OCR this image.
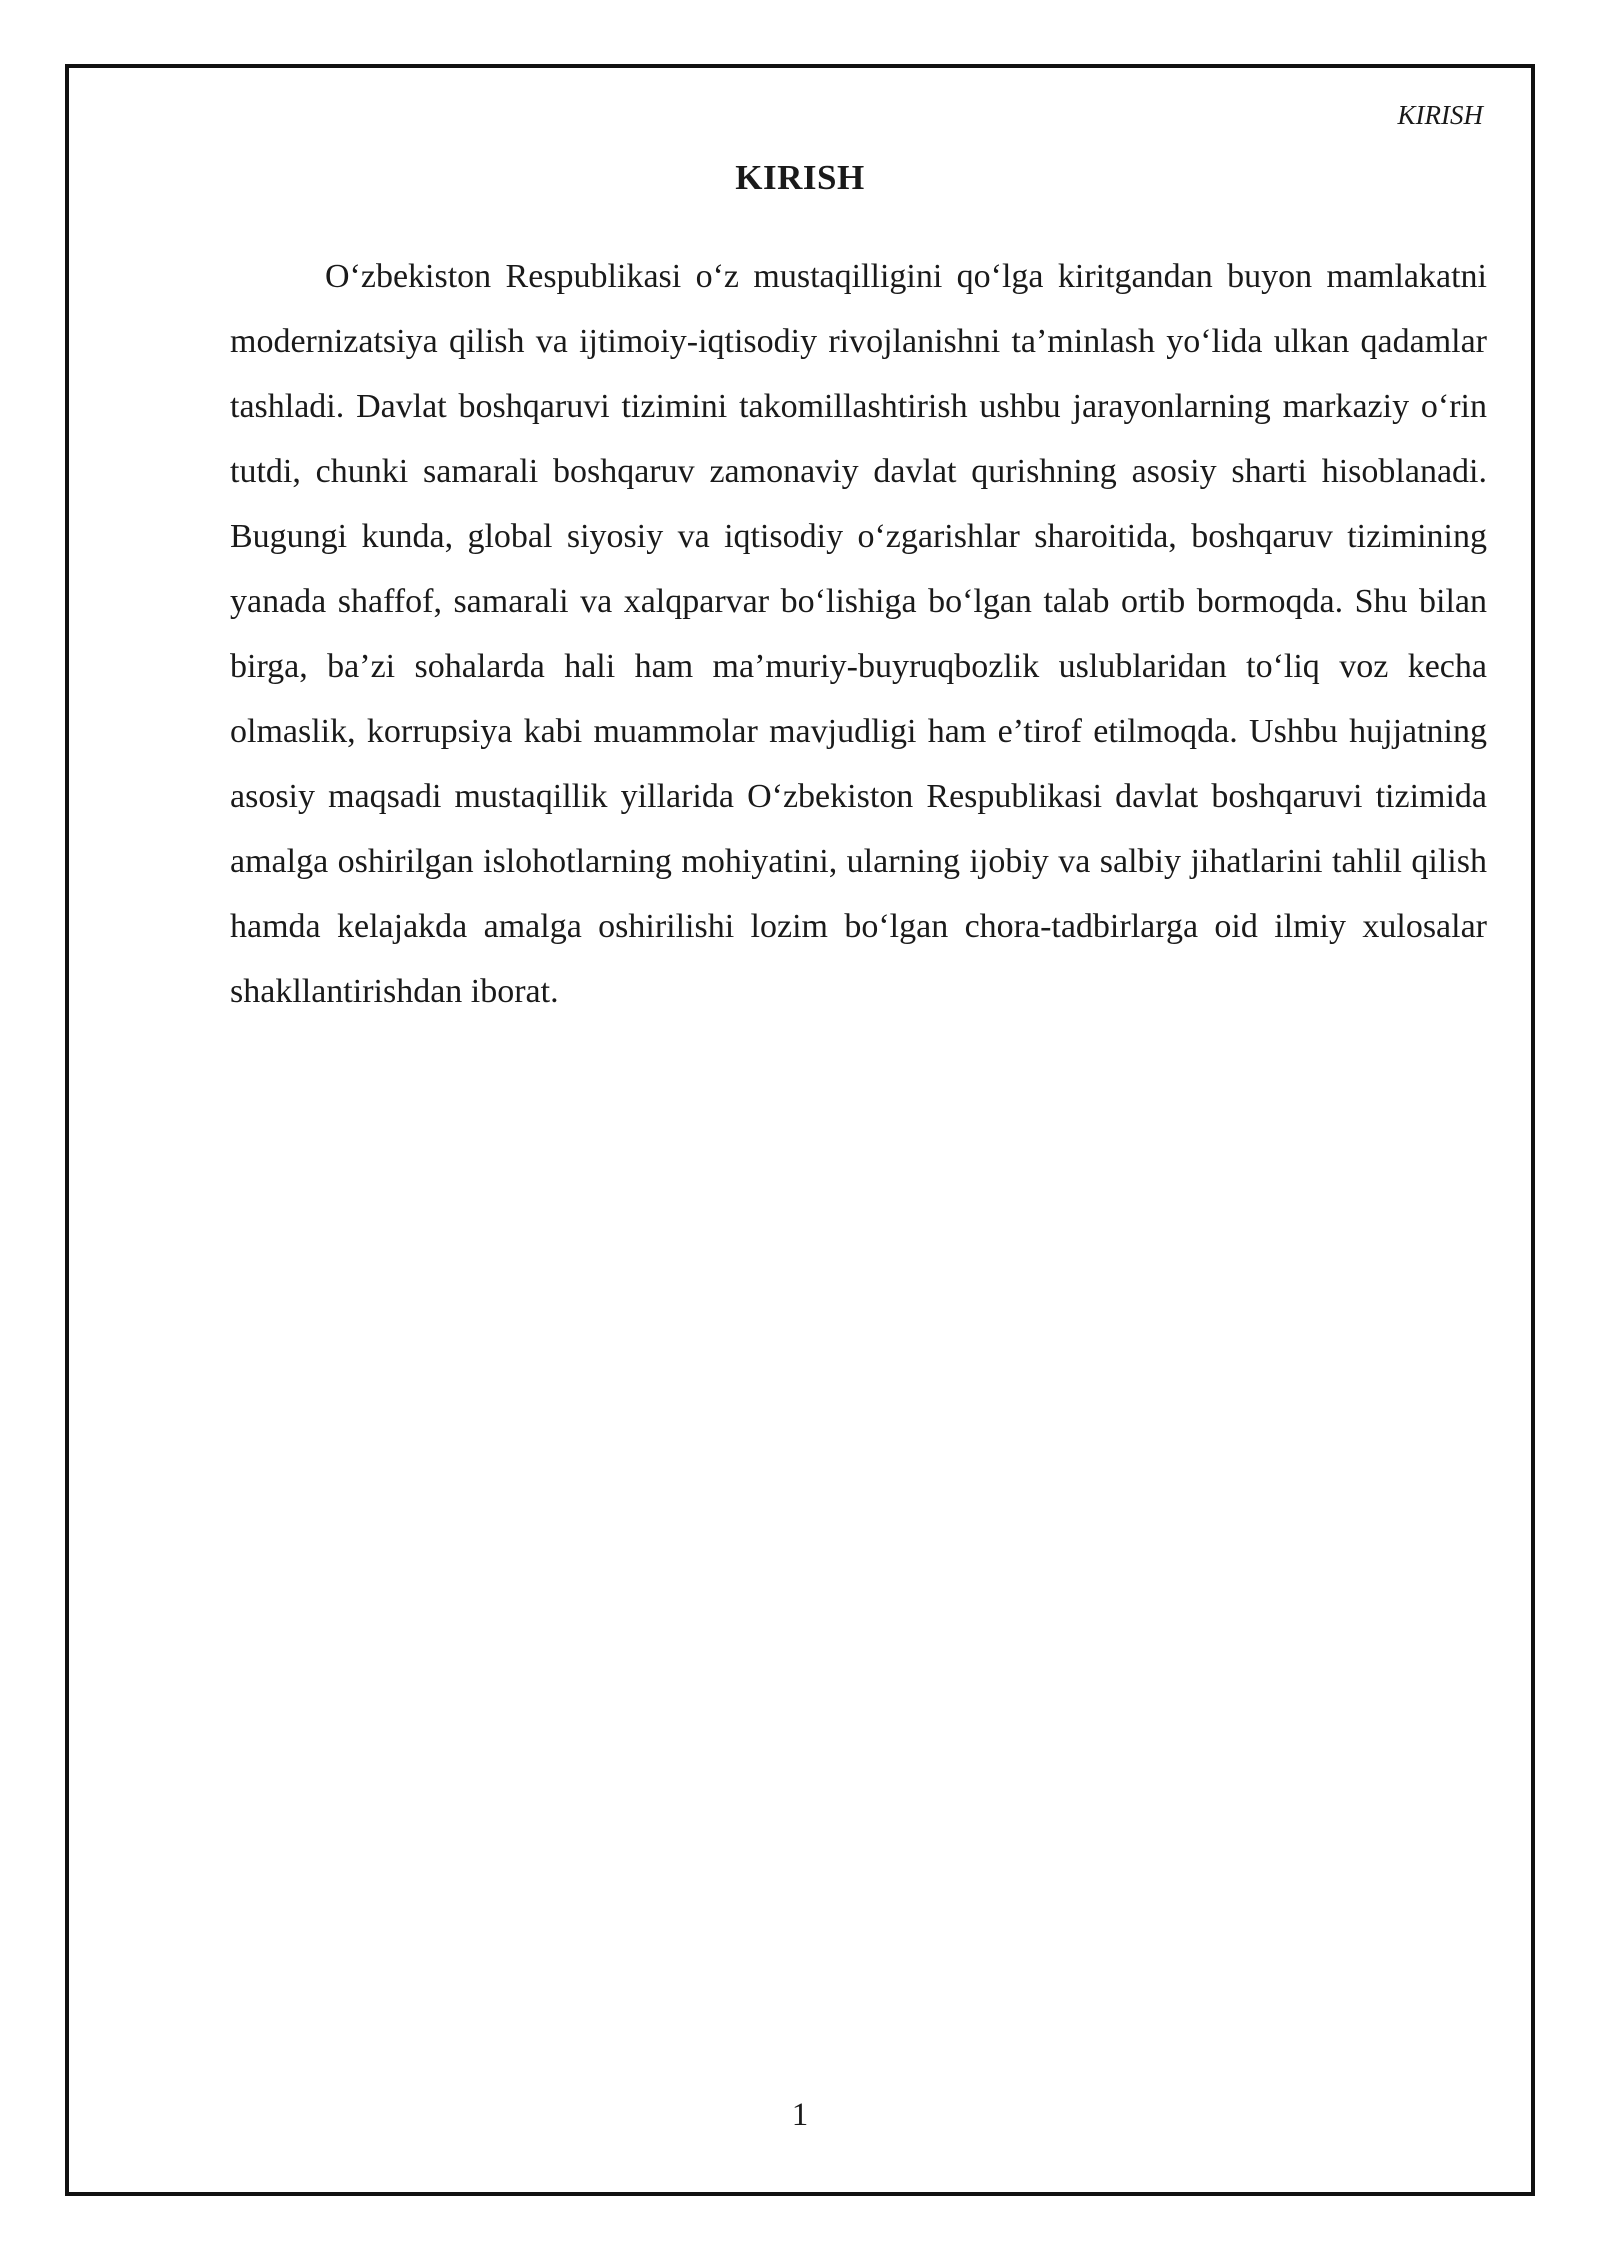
KIRISH
KIRISH

O‘zbekiston Respublikasi o‘z mustaqilligini qo‘lga kiritgandan buyon mamlakatni modernizatsiya qilish va ijtimoiy-iqtisodiy rivojlanishni ta’minlash yo‘lida ulkan qadamlar tashladi. Davlat boshqaruvi tizimini takomillashtirish ushbu jarayonlarning markaziy o‘rin tutdi, chunki samarali boshqaruv zamonaviy davlat qurishning asosiy sharti hisoblanadi. Bugungi kunda, global siyosiy va iqtisodiy o‘zgarishlar sharoitida, boshqaruv tizimining yanada shaffof, samarali va xalqparvar bo‘lishiga bo‘lgan talab ortib bormoqda. Shu bilan birga, ba’zi sohalarda hali ham ma’muriy-buyruqbozlik uslublaridan to‘liq voz kecha olmaslik, korrupsiya kabi muammolar mavjudligi ham e’tirof etilmoqda. Ushbu hujjatning asosiy maqsadi mustaqillik yillarida O‘zbekiston Respublikasi davlat boshqaruvi tizimida amalga oshirilgan islohotlarning mohiyatini, ularning ijobiy va salbiy jihatlarini tahlil qilish hamda kelajakda amalga oshirilishi lozim bo‘lgan chora-tadbirlarga oid ilmiy xulosalar shakllantirishdan iborat.

1
